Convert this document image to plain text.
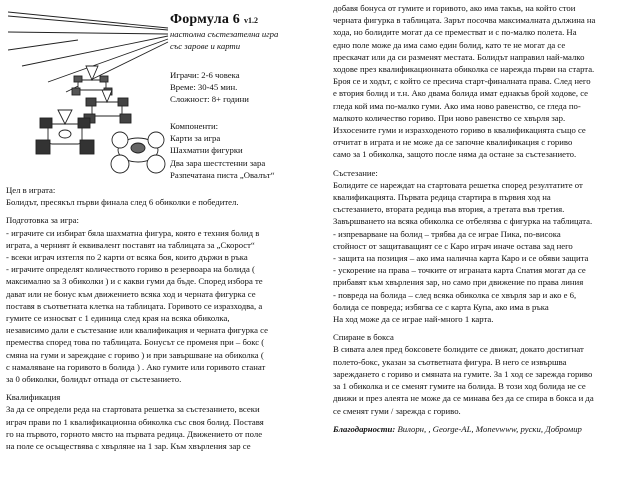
Формула 6 v1.2
настолна състезателна игра
със зарове и карти
Играчи: 2-6 човека
Време: 30-45 мин.
Сложност: 8+ години
Компоненти:
Карти за игра
Шахматни фигурки
Два зара шестстенни зара
Разпечатана писта „Овалът“
Цел в играта:
Болидът, пресякъл първи финала след 6 обиколки е победител.
Подготовка за игра:
- играчите си избират бяла шахматна фигура, която е техния болид в
играта, а черният ѝ еквивалент поставят на таблицата за „Скорост“
- всеки играч изтегля по 2 карти от всяка боя, които държи в ръка
- играчите определят количеството гориво в резервоара на болида (
максимално за 3 обиколки ) и с какви гуми да бъде. Според избора те
дават или не бонус към движението всяка ход и черната фигурка се
поставя в съответната клетка на таблицата. Горивото се изразходва, а
гумите се износват с 1 единица след края на всяка обиколка,
независимо дали е състезание или квалификация и черната фигурка се
премества според това по таблицата. Бонусът се променя при – бокс (
смяна на гуми и зареждане с гориво ) и при завършване на обиколка (
с намаляване на горивото в болида ) . Ако гумите или горивото станат
за 0 обиколки, болидът отпада от състезанието.
Квалификация
За да се определи реда на стартовата решетка за състезанието, всеки
играч прави по 1 квалификационна обиколка със своя болид. Поставя
го на първото, горното място на първата редица. Движението от поле
на поле се осъществява с хвърляне на 1 зар. Към хвърления зар се
добавя бонуса от гумите и горивото, ако има такъв, на който стои
черната фигурка в таблицата. Зарът посочва максималната дължина на
хода, но болидите могат да се преместват и с по-малко полета. На
едно поле може да има само един болид, като те не могат да се
прескачат или да си разменят местата. Болидът направил най-малко
ходове през квалификационната обиколка се нарежда първи на старта.
Броя се и ходът, с който се пресича старт-финалната права. След него
е втория болид и т.н. Ако двама болида имат еднакъв брой ходове, се
гледа кой има по-малко гуми. Ако има ново равенство, се гледа по-
малкото количество гориво. При ново равенство се хвърля зар.
Изхосените гуми и изразходеното гориво в квалификацията също се
отчитат в играта и не може да се започне квалификация с гориво
само за 1 обиколка, защото после няма да остане за състезанието.
Състезание:
Болидите се нареждат на стартовата решетка според резултатите от
квалификацията. Първата редица стартира в първия ход на
състезанието, втората редица във втория, а третата във третия.
Завършването на всяка обиколка се отбелязва с фигурка на таблицата.
- изпреварване на болид – трябва да се играе Пика, по-висока
стойност от защитаващият се с Каро играч иначе остава зад него
- защита на позиция – ако има налична карта Каро и се обяви защита
- ускорение на права – точките от играната карта Спатия могат да се
прибавят към хвърления зар, но само при движение по права линия
- повреда на болида – след всяка обиколка се хвърля зар и ако е 6,
болида се повреда; избягва се с карта Купа, ако има в ръка
На ход може да се играе най-много 1 карта.
Спиране в бокса
В сивата алея пред боксовете болидите се движат, докато достигнат
полето-бокс, указан за съответната фигура. В него се извършва
зареждането с гориво и смяната на гумите. За 1 ход се зарежда гориво
за 1 обиколка и се сменят гумите на болида. В този ход болида не се
движи и през алеята не може да се минава без да се спира в бокса и да
се сменят гуми / зарежда с гориво.
Благодарности: Вилорн, , George-AL, Monevwww, руски, Добромир
